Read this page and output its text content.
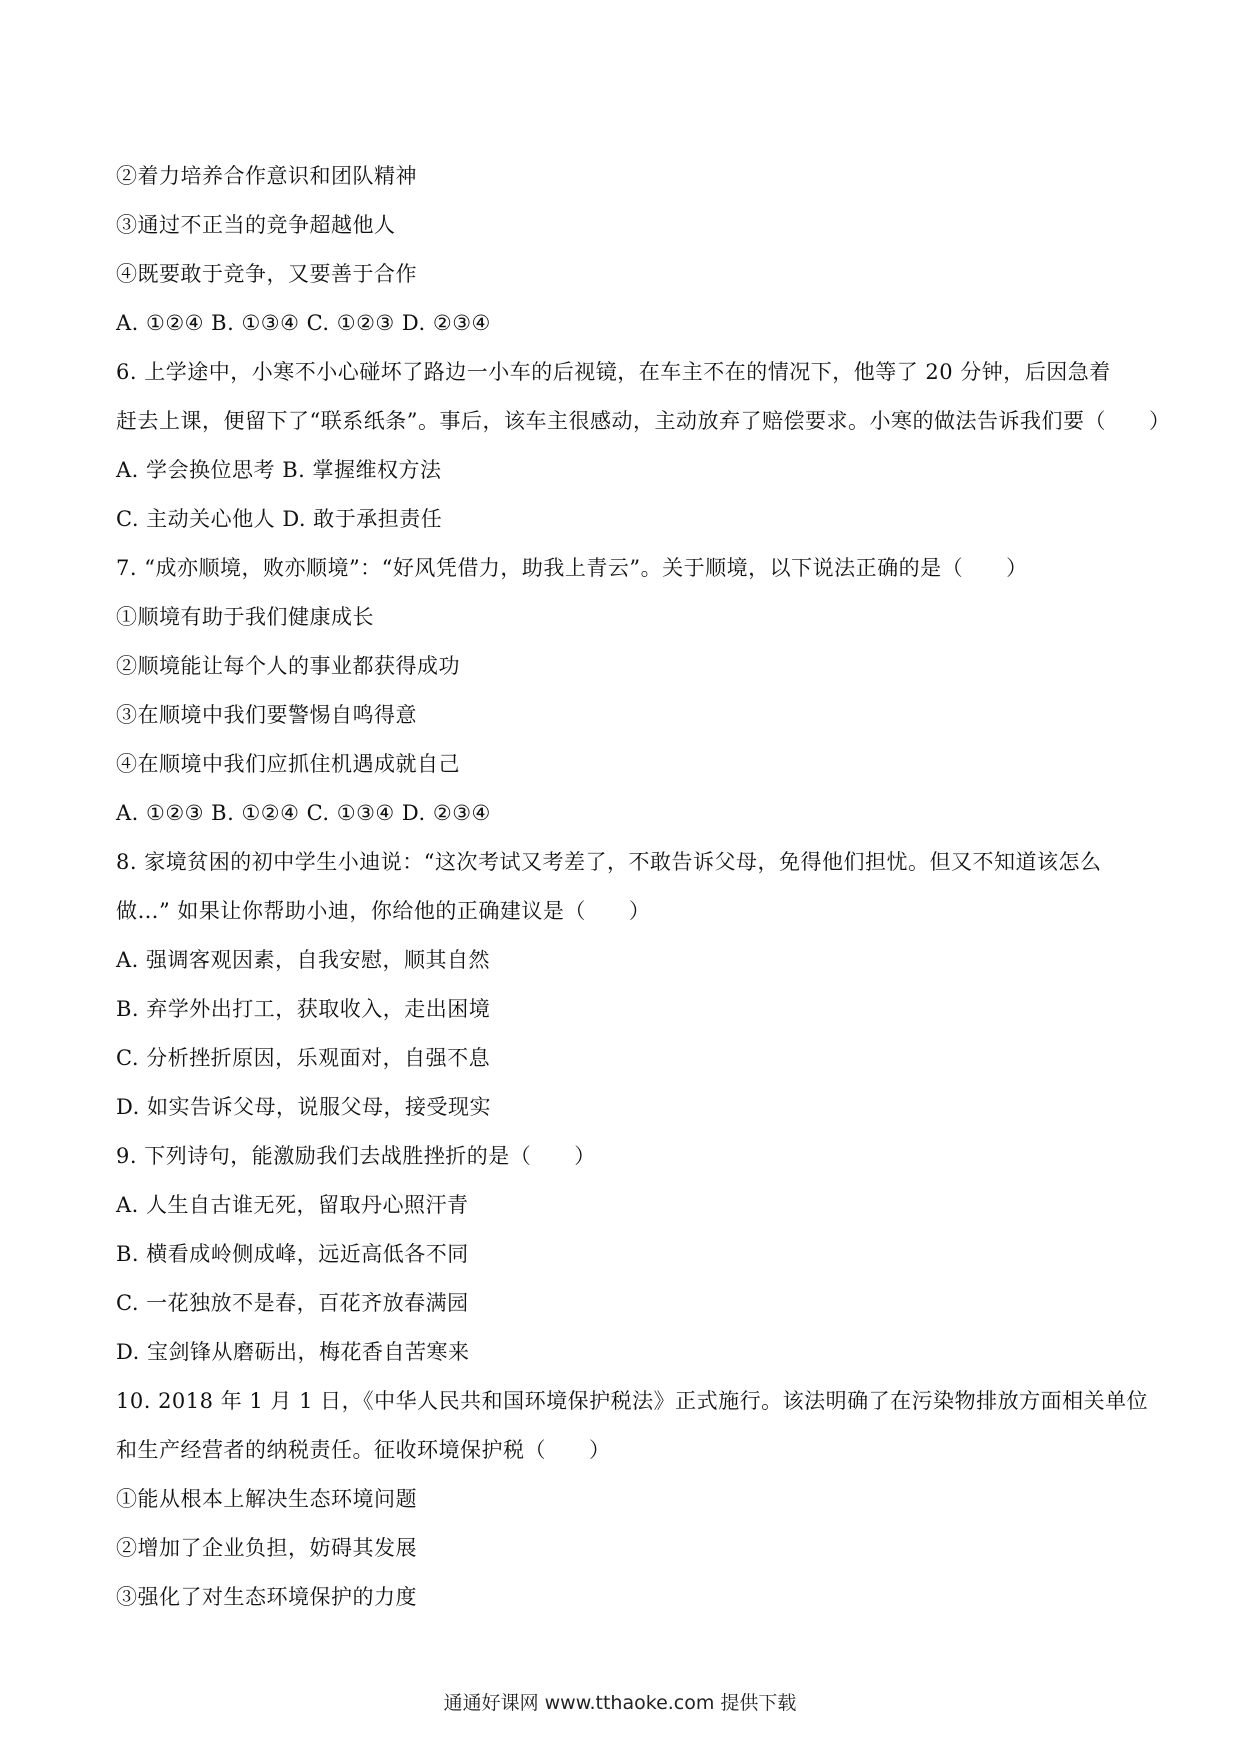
②着力培养合作意识和团队精神
③通过不正当的竞争超越他人
④既要敢于竞争，又要善于合作
A. ①②④ B. ①③④ C. ①②③ D. ②③④
6. 上学途中，小寒不小心碰坏了路边一小车的后视镜，在车主不在的情况下，他等了 20 分钟，后因急着
赶去上课，便留下了“联系纸条”。事后，该车主很感动，主动放弃了赔偿要求。小寒的做法告诉我们要（　　）
A. 学会换位思考 B. 掌握维权方法
C. 主动关心他人 D. 敢于承担责任
7. “成亦顺境，败亦顺境”：“好风凭借力，助我上青云”。关于顺境，以下说法正确的是（　　）
①顺境有助于我们健康成长
②顺境能让每个人的事业都获得成功
③在顺境中我们要警惕自鸣得意
④在顺境中我们应抓住机遇成就自己
A. ①②③ B. ①②④ C. ①③④ D. ②③④
8. 家境贫困的初中学生小迪说：“这次考试又考差了，不敢告诉父母，免得他们担忧。但又不知道该怎么
做…” 如果让你帮助小迪，你给他的正确建议是（　　）
A. 强调客观因素，自我安慰，顺其自然
B. 弃学外出打工，获取收入，走出困境
C. 分析挫折原因，乐观面对，自强不息
D. 如实告诉父母，说服父母，接受现实
9. 下列诗句，能激励我们去战胜挫折的是（　　）
A. 人生自古谁无死，留取丹心照汗青
B. 横看成岭侧成峰，远近高低各不同
C. 一花独放不是春，百花齐放春满园
D. 宝剑锋从磨砺出，梅花香自苦寒来
10. 2018 年 1 月 1 日，《中华人民共和国环境保护税法》正式施行。该法明确了在污染物排放方面相关单位
和生产经营者的纳税责任。征收环境保护税（　　）
①能从根本上解决生态环境问题
②增加了企业负担，妨碍其发展
③强化了对生态环境保护的力度
通通好课网 www.tthaoke.com 提供下载
